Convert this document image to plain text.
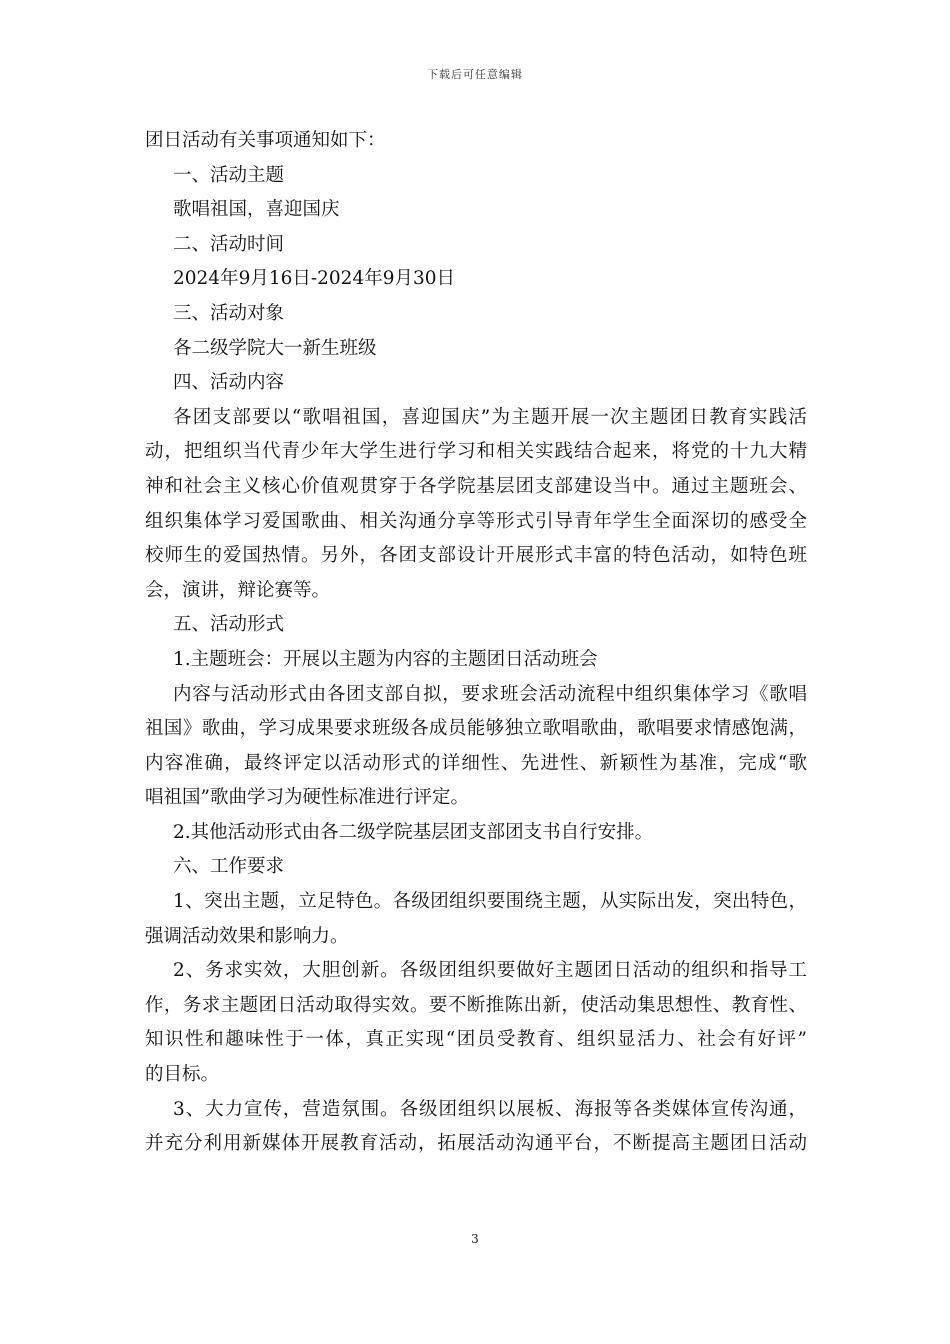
下载后可任意编辑
团日活动有关事项通知如下：
一、活动主题
歌唱祖国，喜迎国庆
二、活动时间
2024年9月16日-2024年9月30日
三、活动对象
各二级学院大一新生班级
四、活动内容
各团支部要以“歌唱祖国，喜迎国庆”为主题开展一次主题团日教育实践活
动，把组织当代青少年大学生进行学习和相关实践结合起来，将党的十九大精
神和社会主义核心价值观贯穿于各学院基层团支部建设当中。通过主题班会、
组织集体学习爱国歌曲、相关沟通分享等形式引导青年学生全面深切的感受全
校师生的爱国热情。另外，各团支部设计开展形式丰富的特色活动，如特色班
会，演讲，辩论赛等。
五、活动形式
1.主题班会：开展以主题为内容的主题团日活动班会
内容与活动形式由各团支部自拟，要求班会活动流程中组织集体学习《歌唱
祖国》歌曲，学习成果要求班级各成员能够独立歌唱歌曲，歌唱要求情感饱满，
内容准确，最终评定以活动形式的详细性、先进性、新颖性为基准，完成“歌
唱祖国”歌曲学习为硬性标准进行评定。
2.其他活动形式由各二级学院基层团支部团支书自行安排。
六、工作要求
1、突出主题，立足特色。各级团组织要围绕主题，从实际出发，突出特色，
强调活动效果和影响力。
2、务求实效，大胆创新。各级团组织要做好主题团日活动的组织和指导工
作，务求主题团日活动取得实效。要不断推陈出新，使活动集思想性、教育性、
知识性和趣味性于一体，真正实现“团员受教育、组织显活力、社会有好评”
的目标。
3、大力宣传，营造氛围。各级团组织以展板、海报等各类媒体宣传沟通，
并充分利用新媒体开展教育活动，拓展活动沟通平台，不断提高主题团日活动
3
